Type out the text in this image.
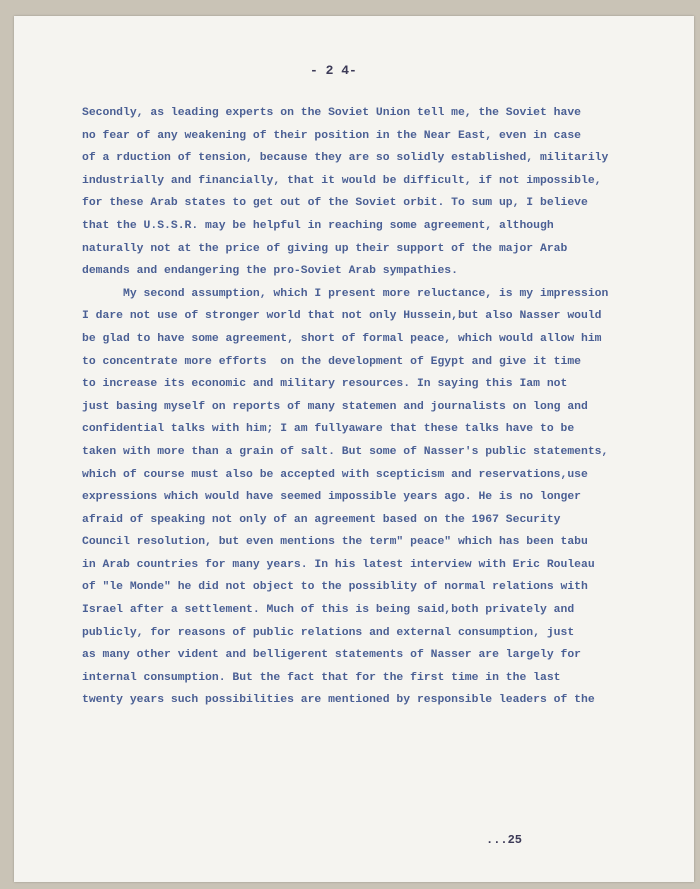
- 2 4-
Secondly, as leading experts on the Soviet Union tell me, the Soviet have
no fear of any weakening of their position in the Near East, even in case
of a rduction of tension, because they are so solidly established, militarily
industrially and financially, that it would be difficult, if not impossible,
for these Arab states to get out of the Soviet orbit. To sum up, I believe
that the U.S.S.R. may be helpful in reaching some agreement, although
naturally not at the price of giving up their support of the major Arab
demands and endangering the pro-Soviet Arab sympathies.
My second assumption, which I present more reluctance, is my impression
I dare not use of stronger world that not only Hussein,but also Nasser would
be glad to have some agreement, short of formal peace, which would allow him
to concentrate more efforts  on the development of Egypt and give it time
to increase its economic and military resources. In saying this Iam not
just basing myself on reports of many statemen and journalists on long and
confidential talks with him; I am fullyaware that these talks have to be
taken with more than a grain of salt. But some of Nasser's public statements,
which of course must also be accepted with scepticism and reservations,use
expressions which would have seemed impossible years ago. He is no longer
afraid of speaking not only of an agreement based on the 1967 Security
Council resolution, but even mentions the term" peace" which has been tabu
in Arab countries for many years. In his latest interview with Eric Rouleau
of "le Monde" he did not object to the possiblity of normal relations with
Israel after a settlement. Much of this is being said,both privately and
publicly, for reasons of public relations and external consumption, just
as many other vident and belligerent statements of Nasser are largely for
internal consumption. But the fact that for the first time in the last
twenty years such possibilities are mentioned by responsible leaders of the
...25
